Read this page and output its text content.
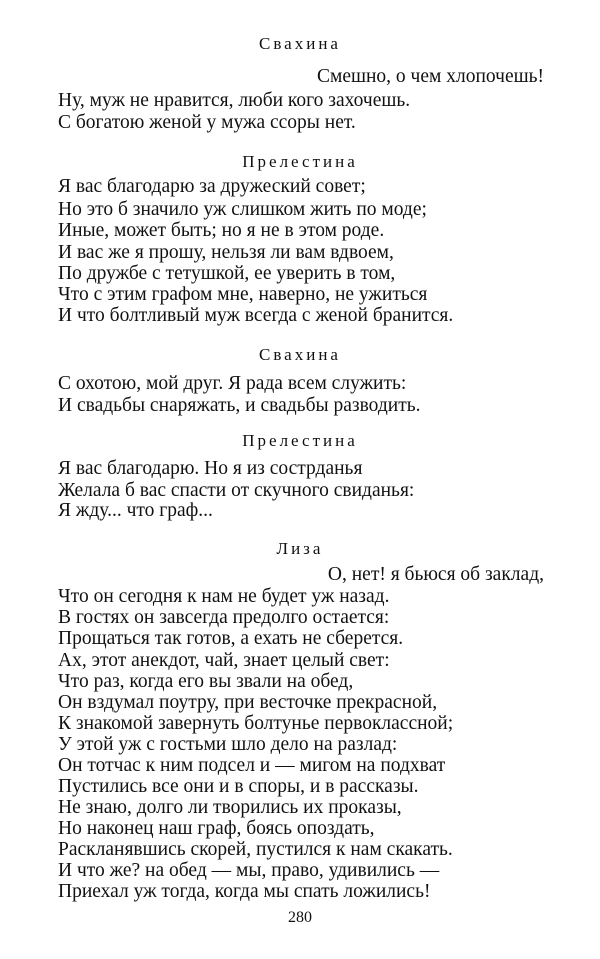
Свахина
Смешно, о чем хлопочешь!
Ну, муж не нравится, люби кого захочешь.
С богатою женой у мужа ссоры нет.
Прелестина
Я вас благодарю за дружеский совет;
Но это б значило уж слишком жить по моде;
Иные, может быть; но я не в этом роде.
И вас же я прошу, нельзя ли вам вдвоем,
По дружбе с тетушкой, ее уверить в том,
Что с этим графом мне, наверно, не ужиться
И что болтливый муж всегда с женой бранится.
Свахина
С охотою, мой друг. Я рада всем служить:
И свадьбы снаряжать, и свадьбы разводить.
Прелестина
Я вас благодарю. Но я из сострданья
Желала б вас спасти от скучного свиданья:
Я жду... что граф...
Лиза
О, нет! я бьюся об заклад,
Что он сегодня к нам не будет уж назад.
В гостях он завсегда предолго остается:
Прощаться так готов, а ехать не сберется.
Ах, этот анекдот, чай, знает целый свет:
Что раз, когда его вы звали на обед,
Он вздумал поутру, при весточке прекрасной,
К знакомой завернуть болтунье первоклассной;
У этой уж с гостьми шло дело на разлад:
Он тотчас к ним подсел и — мигом на подхват
Пустились все они и в споры, и в рассказы.
Не знаю, долго ли творились их проказы,
Но наконец наш граф, боясь опоздать,
Раскланявшись скорей, пустился к нам скакать.
И что же? на обед — мы, право, удивились —
Приехал уж тогда, когда мы спать ложились!
280
